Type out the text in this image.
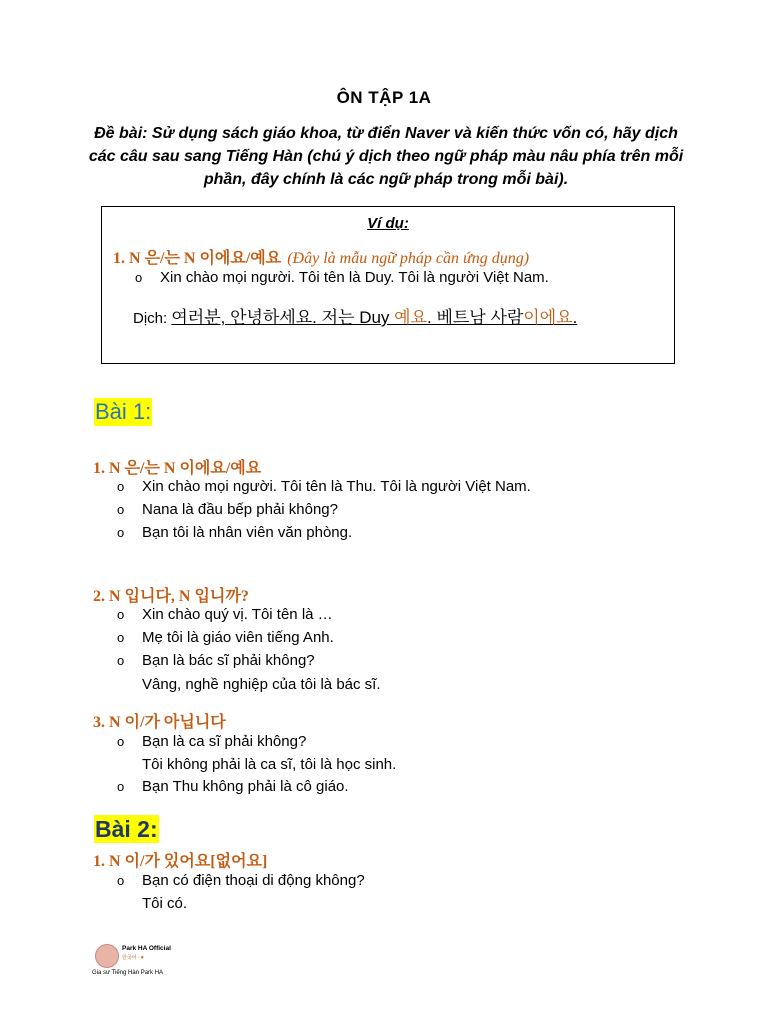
ÔN TẬP 1A
Đề bài: Sử dụng sách giáo khoa, từ điển Naver và kiến thức vốn có, hãy dịch các câu sau sang Tiếng Hàn (chú ý dịch theo ngữ pháp màu nâu phía trên mỗi phần, đây chính là các ngữ pháp trong mỗi bài).
Ví dụ:
1. N 은/는 N 이에요/예요 (Đây là mẫu ngữ pháp cần ứng dụng)
o	Xin chào mọi người. Tôi tên là Duy. Tôi là người Việt Nam.
Dịch: 여러분, 안녕하세요. 저는 Duy 예요. 베트남 사람이에요.
Bài 1:
1. N 은/는 N 이에요/예요
o	Xin chào mọi người. Tôi tên là Thu. Tôi là người Việt Nam.
o	Nana là đầu bếp phải không?
o	Bạn tôi là nhân viên văn phòng.
2. N 입니다, N 입니까?
o	Xin chào quý vị. Tôi tên là …
o	Mẹ tôi là giáo viên tiếng Anh.
o	Bạn là bác sĩ phải không?
Vâng, nghề nghiệp của tôi là bác sĩ.
3. N 이/가 아닙니다
o	Bạn là ca sĩ phải không?
Tôi không phải là ca sĩ, tôi là học sinh.
o	Bạn Thu không phải là cô giáo.
Bài 2:
1. N 이/가 있어요[없어요]
o	Bạn có điện thoại di động không?
Tôi có.
Park HA Official
한국어 · ♥
Gia sư Tiếng Hàn Park HA
